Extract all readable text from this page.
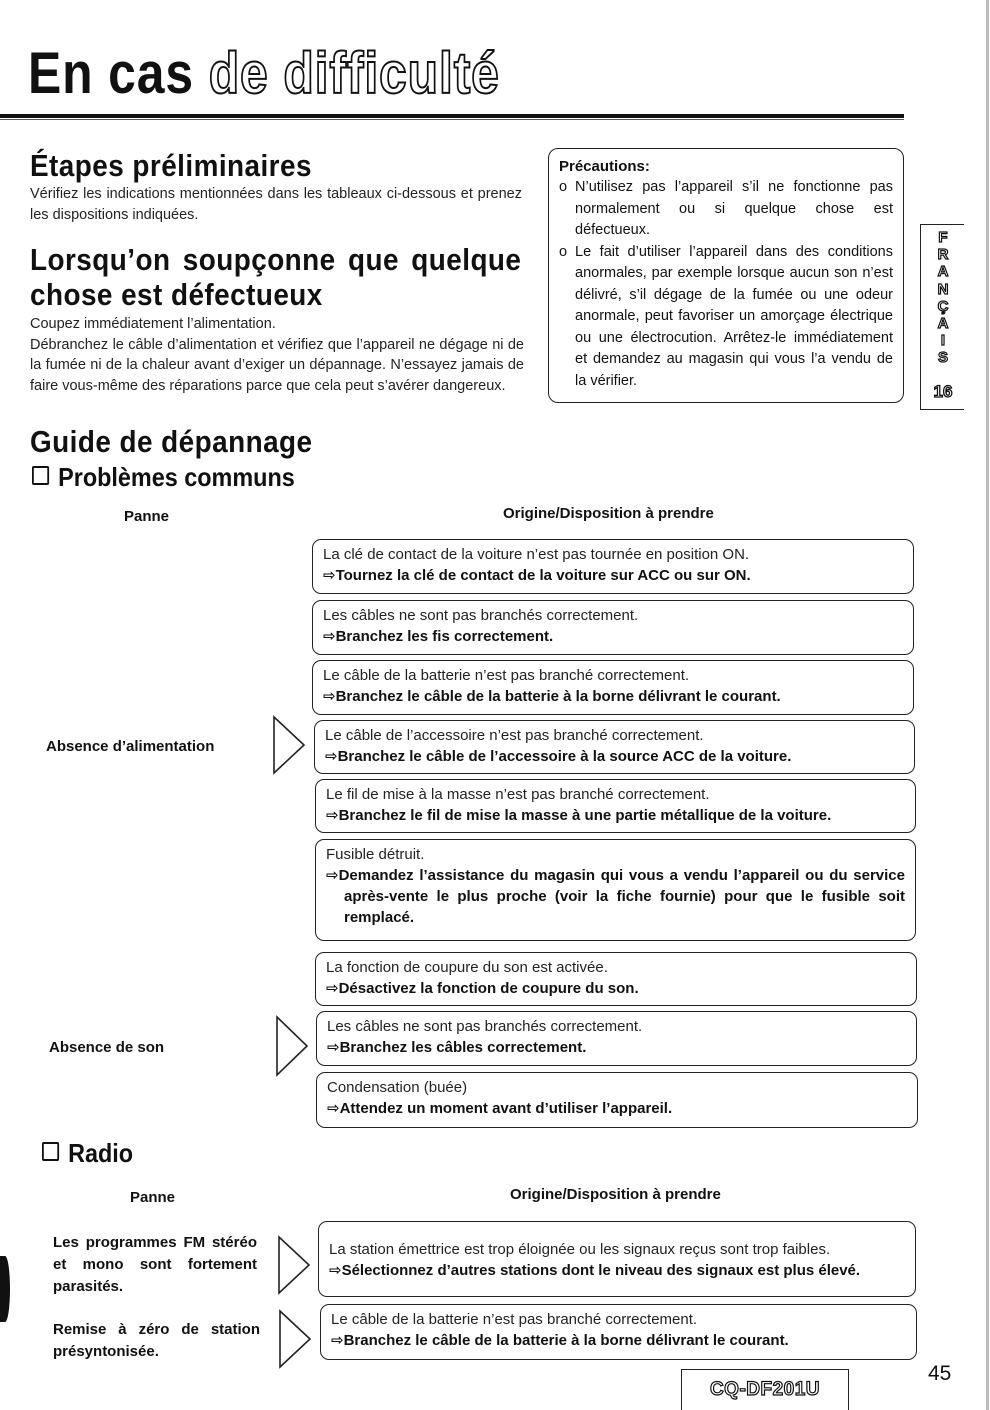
En cas de difficulté
Étapes préliminaires
Vérifiez les indications mentionnées dans les tableaux ci-dessous et prenez les dispositions indiquées.
Lorsqu’on soupçonne que quelque
chose est défectueux
Coupez immédiatement l’alimentation.
Débranchez le câble d’alimentation et vérifiez que l’appareil ne dégage ni de la fumée ni de la chaleur avant d’exiger un dépannage. N’essayez jamais de faire vous-même des réparations parce que cela peut s’avérer dangereux.
Précautions:
o N’utilisez pas l’appareil s’il ne fonctionne pas normalement ou si quelque chose est défectueux.
o Le fait d’utiliser l’appareil dans des conditions anormales, par exemple lorsque aucun son n’est délivré, s’il dégage de la fumée ou une odeur anormale, peut favoriser un amorçage électrique ou une électrocution. Arrêtez-le immédiatement et demandez au magasin qui vous l’a vendu de la vérifier.
F
R
A
N
Ç
A
I
S
16
Guide de dépannage
Problèmes communs
Panne	Origine/Disposition à prendre
Absence d’alimentation
Absence de son
La clé de contact de la voiture n’est pas tournée en position ON.
⇨Tournez la clé de contact de la voiture sur ACC ou sur ON.
Les câbles ne sont pas branchés correctement.
⇨Branchez les fis correctement.
Le câble de la batterie n’est pas branché correctement.
⇨Branchez le câble de la batterie à la borne délivrant le courant.
Le câble de l’accessoire n’est pas branché correctement.
⇨Branchez le câble de l’accessoire à la source ACC de la voiture.
Le fil de mise à la masse n’est pas branché correctement.
⇨Branchez le fil de mise la masse à une partie métallique de la voiture.
Fusible détruit.
⇨Demandez l’assistance du magasin qui vous a vendu l’appareil ou du service après-vente le plus proche (voir la fiche fournie) pour que le fusible soit remplacé.
La fonction de coupure du son est activée.
⇨Désactivez la fonction de coupure du son.
Les câbles ne sont pas branchés correctement.
⇨Branchez les câbles correctement.
Condensation (buée)
⇨Attendez un moment avant d’utiliser l’appareil.
Radio
Panne	Origine/Disposition à prendre
Les programmes FM stéréo et mono sont fortement parasités.
Remise à zéro de station présyntonisée.
La station émettrice est trop éloignée ou les signaux reçus sont trop faibles.
⇨Sélectionnez d’autres stations dont le niveau des signaux est plus élevé.
Le câble de la batterie n’est pas branché correctement.
⇨Branchez le câble de la batterie à la borne délivrant le courant.
45
CQ-DF201U
